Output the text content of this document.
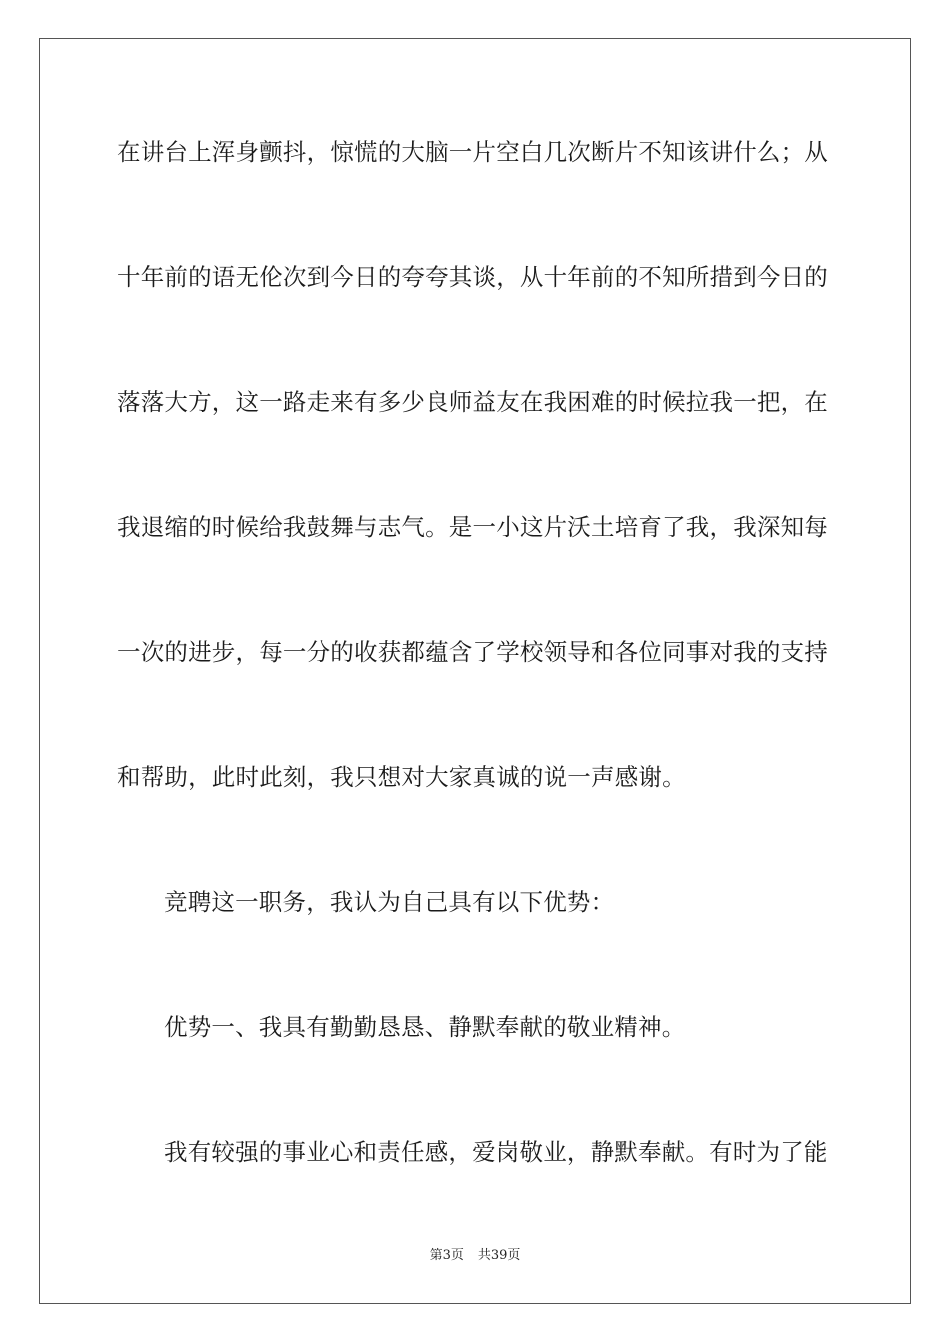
在讲台上浑身颤抖，惊慌的大脑一片空白几次断片不知该讲什么；从
十年前的语无伦次到今日的夸夸其谈，从十年前的不知所措到今日的
落落大方，这一路走来有多少良师益友在我困难的时候拉我一把，在
我退缩的时候给我鼓舞与志气。是一小这片沃土培育了我，我深知每
一次的进步，每一分的收获都蕴含了学校领导和各位同事对我的支持
和帮助，此时此刻，我只想对大家真诚的说一声感谢。
竞聘这一职务，我认为自己具有以下优势：
优势一、我具有勤勤恳恳、静默奉献的敬业精神。
我有较强的事业心和责任感，爱岗敬业，静默奉献。有时为了能
第3页 共39页
